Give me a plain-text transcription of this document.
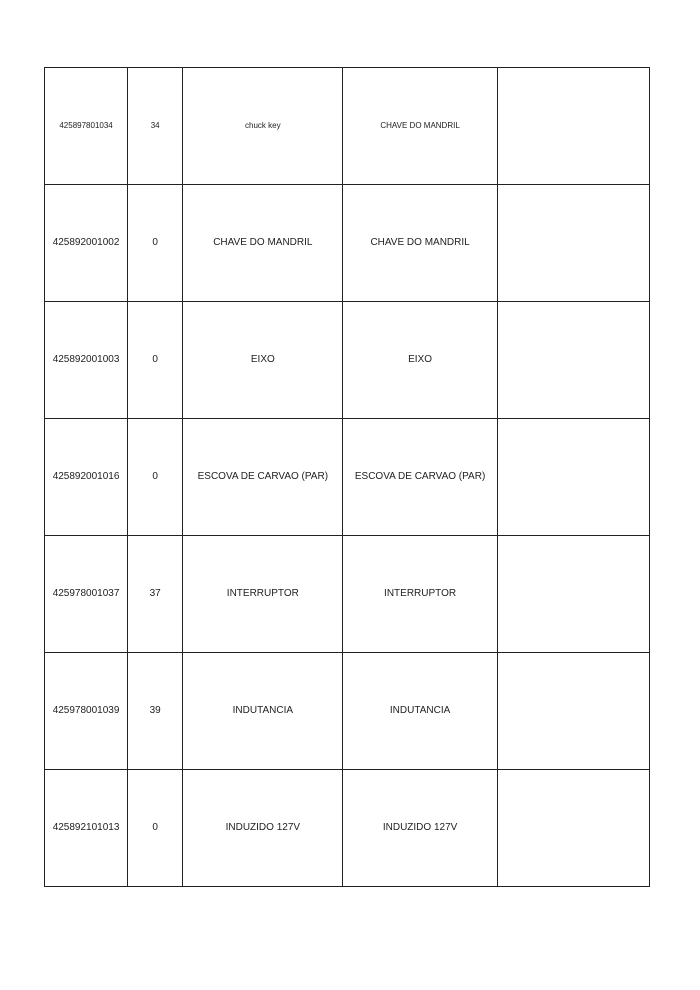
425897801034	34	chuck key	CHAVE DO MANDRIL	
425892001002	0	CHAVE DO MANDRIL	CHAVE DO MANDRIL	
425892001003	0	EIXO	EIXO	
425892001016	0	ESCOVA DE CARVAO (PAR)	ESCOVA DE CARVAO (PAR)	
425978001037	37	INTERRUPTOR	INTERRUPTOR	
425978001039	39	INDUTANCIA	INDUTANCIA	
425892101013	0	INDUZIDO 127V	INDUZIDO 127V	
